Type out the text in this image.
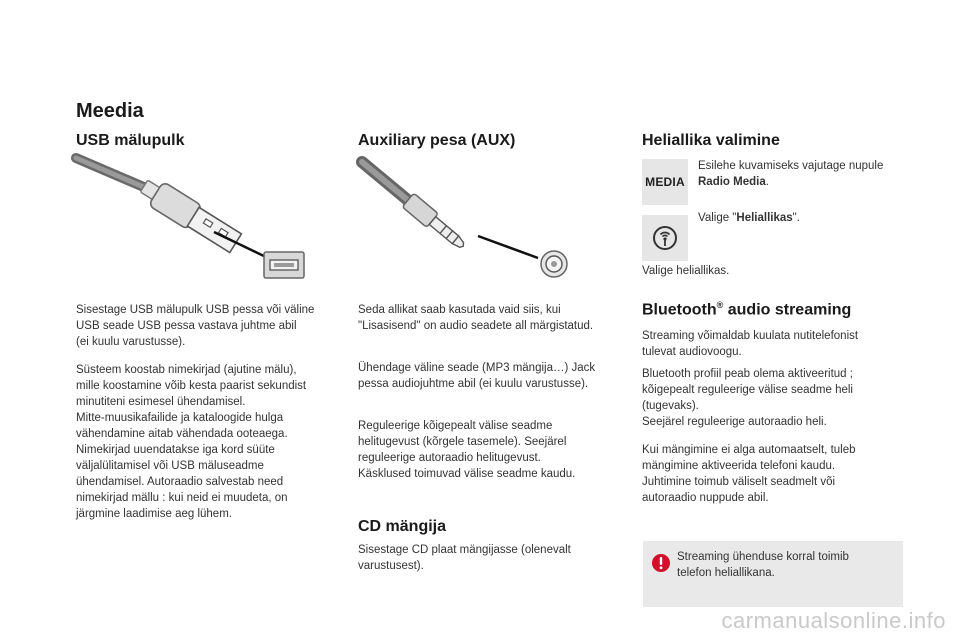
Meedia
USB mälupulk
Sisestage USB mälupulk USB pessa või väline
USB seade USB pessa vastava juhtme abil
(ei kuulu varustusse).
Süsteem koostab nimekirjad (ajutine mälu),
mille koostamine võib kesta paarist sekundist
minutiteni esimesel ühendamisel.
Mitte-muusikafailide ja kataloogide hulga
vähendamine aitab vähendada ooteaega.
Nimekirjad uuendatakse iga kord süüte
väljalülitamisel või USB mäluseadme
ühendamisel. Autoraadio salvestab need
nimekirjad mällu : kui neid ei muudeta, on
järgmine laadimise aeg lühem.
Auxiliary pesa (AUX)
Seda allikat saab kasutada vaid siis, kui
"Lisasisend" on audio seadete all märgistatud.
Ühendage väline seade (MP3 mängija…) Jack
pessa audiojuhtme abil (ei kuulu varustusse).
Reguleerige kõigepealt välise seadme
helitugevust (kõrgele tasemele). Seejärel
reguleerige autoraadio helitugevust.
Käsklused toimuvad välise seadme kaudu.
CD mängija
Sisestage CD plaat mängijasse (olenevalt
varustusest).
Heliallika valimine
MEDIA
Esilehe kuvamiseks vajutage nupule
Radio Media.
Valige "Heliallikas".
Valige heliallikas.
Bluetooth® audio streaming
Streaming võimaldab kuulata nutitelefonist
tulevat audiovoogu.
Bluetooth profiil peab olema aktiveeritud ;
kõigepealt reguleerige välise seadme heli
(tugevaks).
Seejärel reguleerige autoraadio heli.
Kui mängimine ei alga automaatselt, tuleb
mängimine aktiveerida telefoni kaudu.
Juhtimine toimub väliselt seadmelt või
autoraadio nuppude abil.
Streaming ühenduse korral toimib
telefon heliallikana.
carmanualsonline.info
